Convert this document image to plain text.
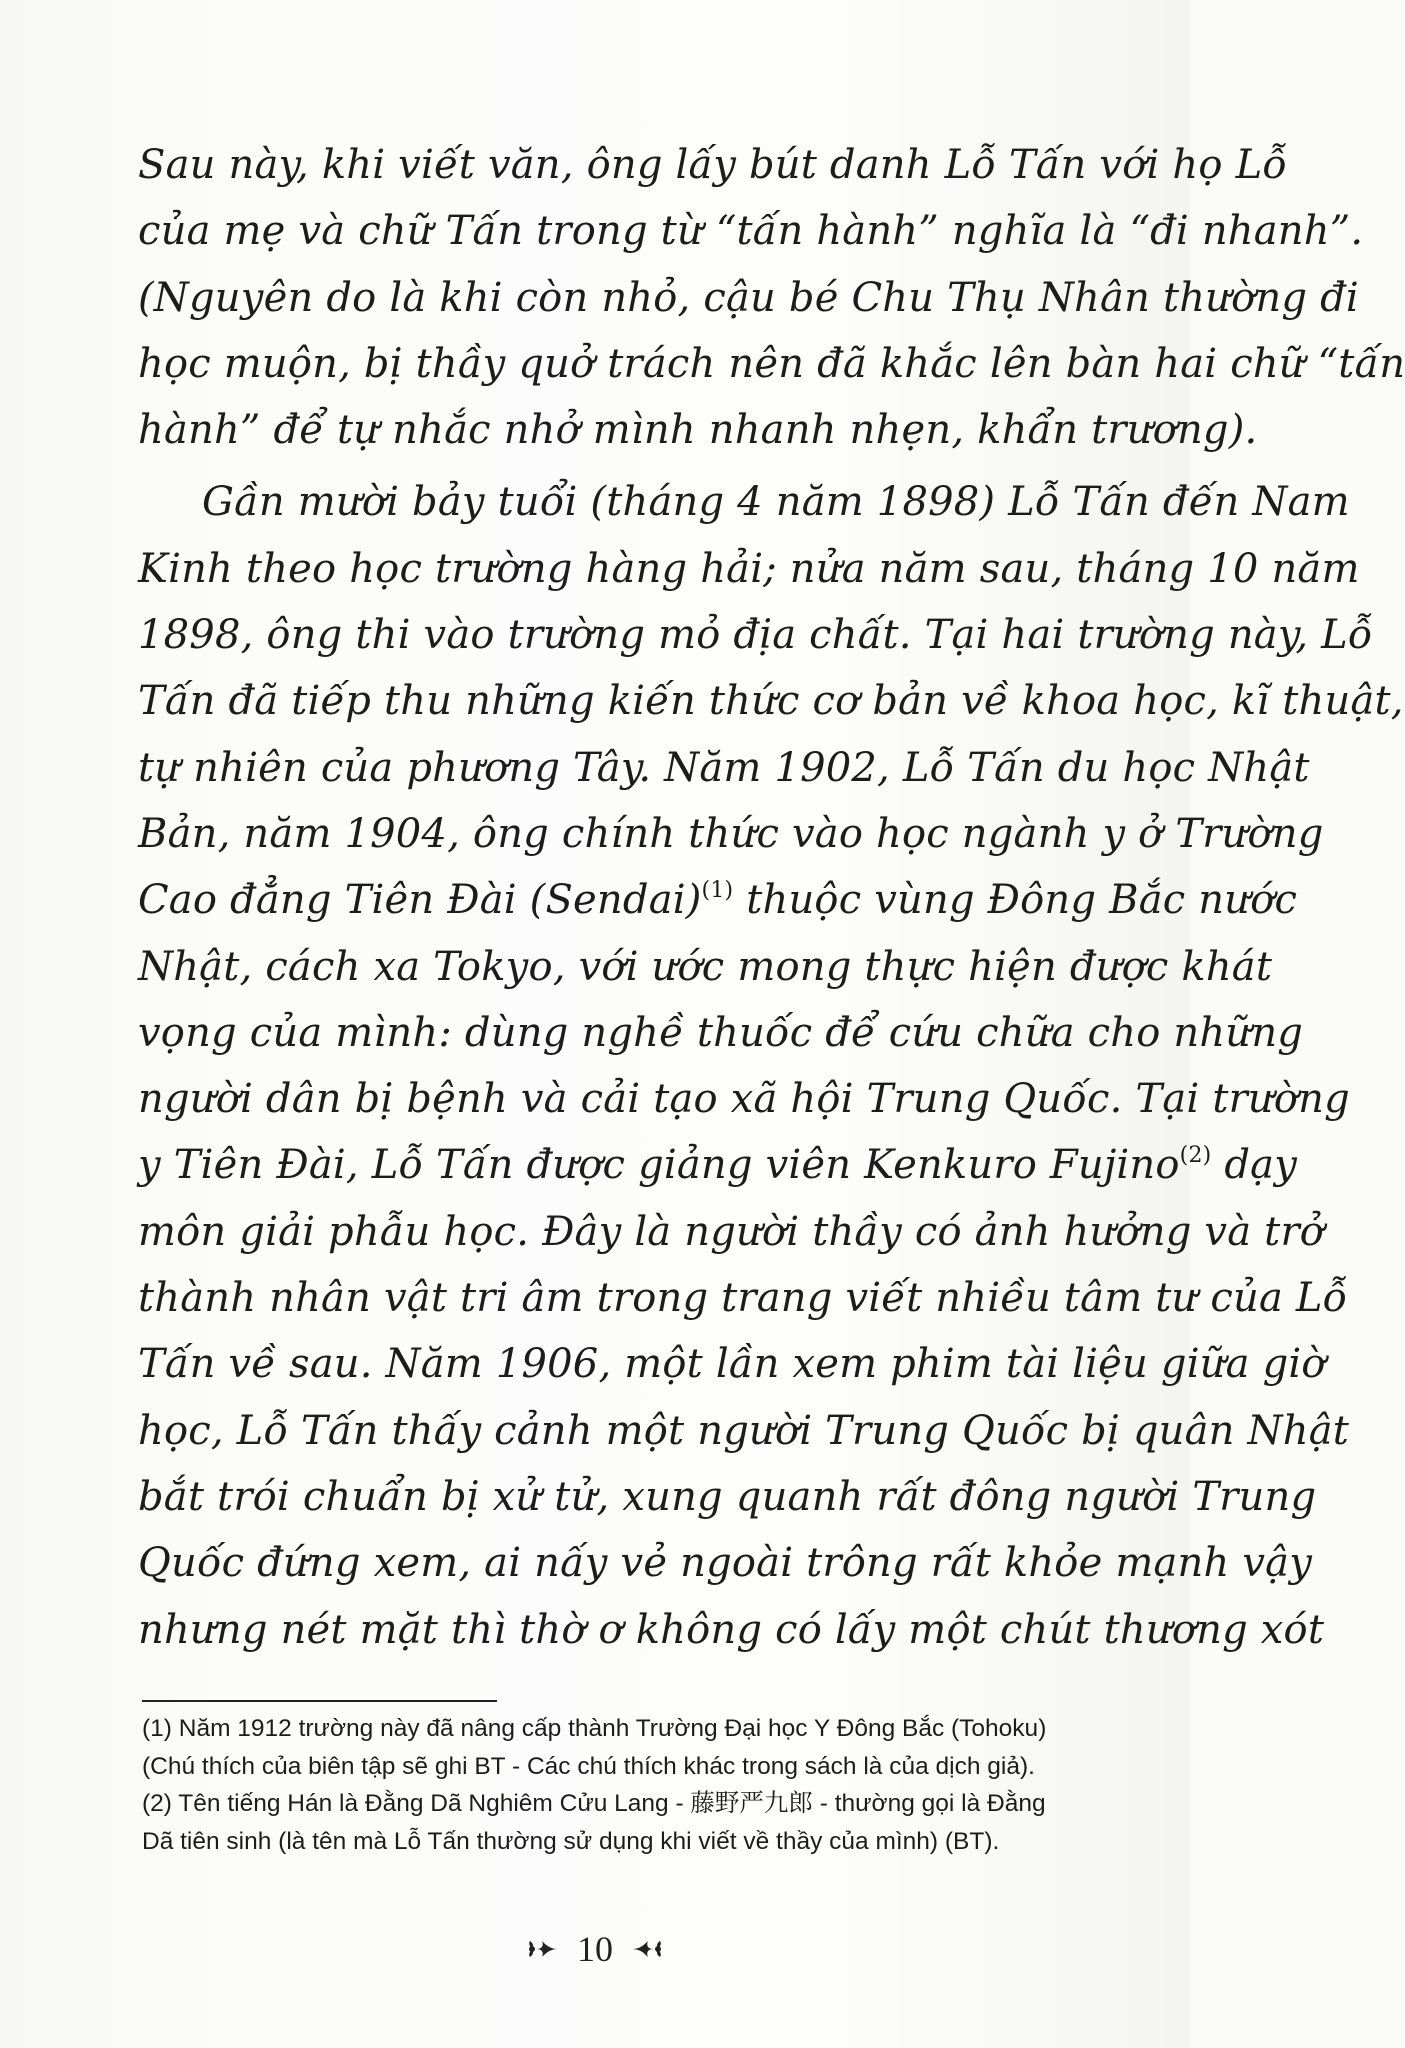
Sau này, khi viết văn, ông lấy bút danh Lỗ Tấn với họ Lỗ
của mẹ và chữ Tấn trong từ “tấn hành” nghĩa là “đi nhanh”.
(Nguyên do là khi còn nhỏ, cậu bé Chu Thụ Nhân thường đi
học muộn, bị thầy quở trách nên đã khắc lên bàn hai chữ “tấn
hành” để tự nhắc nhở mình nhanh nhẹn, khẩn trương).
Gần mười bảy tuổi (tháng 4 năm 1898) Lỗ Tấn đến Nam
Kinh theo học trường hàng hải; nửa năm sau, tháng 10 năm
1898, ông thi vào trường mỏ địa chất. Tại hai trường này, Lỗ
Tấn đã tiếp thu những kiến thức cơ bản về khoa học, kĩ thuật,
tự nhiên của phương Tây. Năm 1902, Lỗ Tấn du học Nhật
Bản, năm 1904, ông chính thức vào học ngành y ở Trường
Cao đẳng Tiên Đài (Sendai)$^{(1)}$ thuộc vùng Đông Bắc nước
Nhật, cách xa Tokyo, với ước mong thực hiện được khát
vọng của mình: dùng nghề thuốc để cứu chữa cho những
người dân bị bệnh và cải tạo xã hội Trung Quốc. Tại trường
y Tiên Đài, Lỗ Tấn được giảng viên Kenkuro Fujino$^{(2)}$ dạy
môn giải phẫu học. Đây là người thầy có ảnh hưởng và trở
thành nhân vật tri âm trong trang viết nhiều tâm tư của Lỗ
Tấn về sau. Năm 1906, một lần xem phim tài liệu giữa giờ
học, Lỗ Tấn thấy cảnh một người Trung Quốc bị quân Nhật
bắt trói chuẩn bị xử tử, xung quanh rất đông người Trung
Quốc đứng xem, ai nấy vẻ ngoài trông rất khỏe mạnh vậy
nhưng nét mặt thì thờ ơ không có lấy một chút thương xót
(1) Năm 1912 trường này đã nâng cấp thành Trường Đại học Y Đông Bắc (Tohoku)
(Chú thích của biên tập sẽ ghi BT - Các chú thích khác trong sách là của dịch giả).
(2) Tên tiếng Hán là Đằng Dã Nghiêm Cửu Lang - 藤野严九郎 - thường gọi là Đằng
Dã tiên sinh (là tên mà Lỗ Tấn thường sử dụng khi viết về thầy của mình) (BT).
10
